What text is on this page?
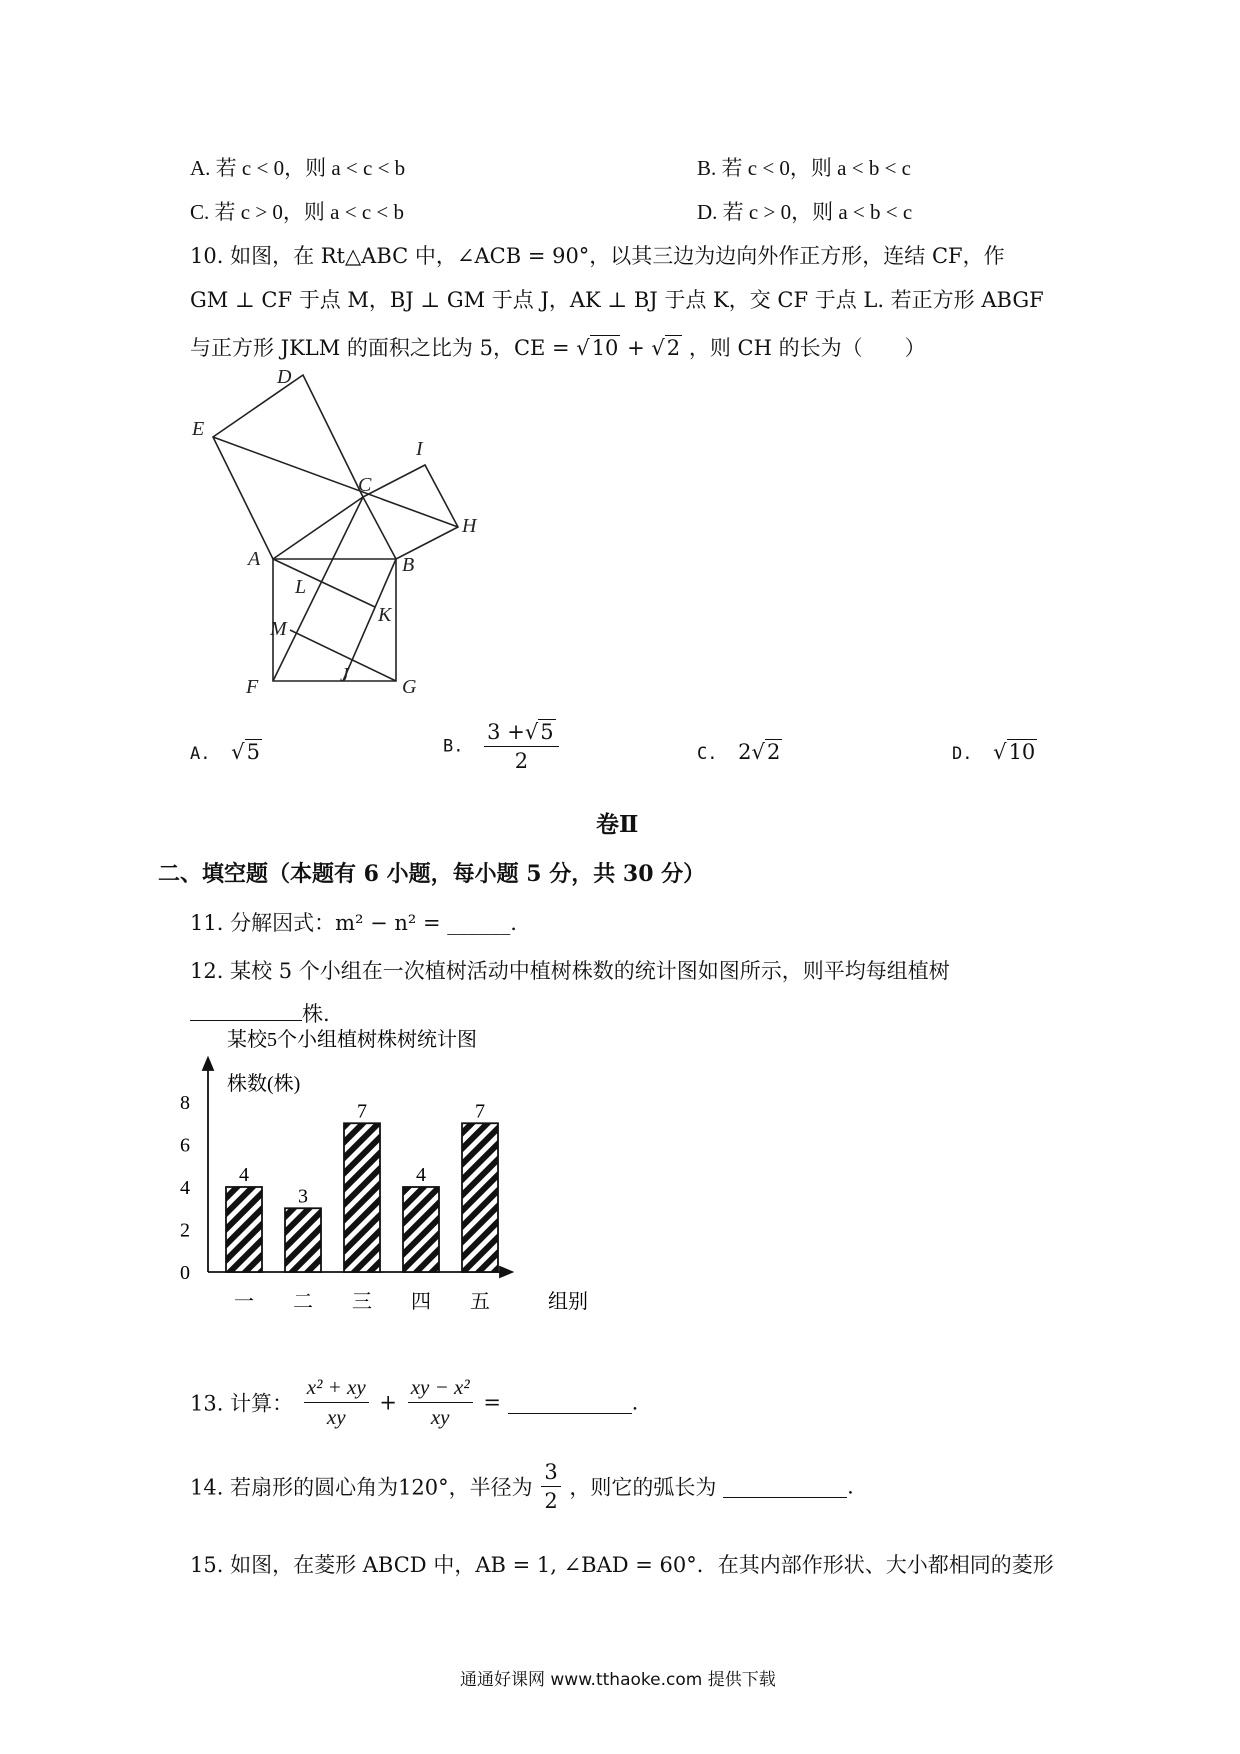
A. 若 c < 0，则 a < c < b	B. 若 c < 0，则 a < b < c
C. 若 c > 0，则 a < c < b	D. 若 c > 0，则 a < b < c
10. 如图，在 Rt△ABC 中，∠ACB = 90°，以其三边为边向外作正方形，连结 CF，作
GM ⊥ CF 于点 M，BJ ⊥ GM 于点 J，AK ⊥ BJ 于点 K，交 CF 于点 L. 若正方形 ABGF
与正方形 JKLM 的面积之比为 5，CE = √10 + √2 ，则 CH 的长为（　　）
D
E
I
C
H
A	B
L
K
M
F
J
G
A. √5	B. $\frac{3 +√5}{2}$	C. 2√2	D. √10
卷Ⅱ
二、填空题（本题有 6 小题，每小题 5 分，共 30 分）
11. 分解因式：m² − n² = ______.
12. 某校 5 个小组在一次植树活动中植树株数的统计图如图所示，则平均每组植树
株.
某校5个小组植树株树统计图
株数(株)
组别
0
2
4
6
8
4
3
7
4
7
一 二 三 四 五
13. 计算： $\frac{\text{x² + xy}}{xy} + \frac{\text{xy − x²}}{xy}$ =	.
14. 若扇形的圆心角为120°，半径为 $\frac{3}{2}$ ，则它的弧长为	.
15. 如图，在菱形 ABCD 中，AB = 1, ∠BAD = 60°．在其内部作形状、大小都相同的菱形
通通好课网 www.tthaoke.com 提供下载
